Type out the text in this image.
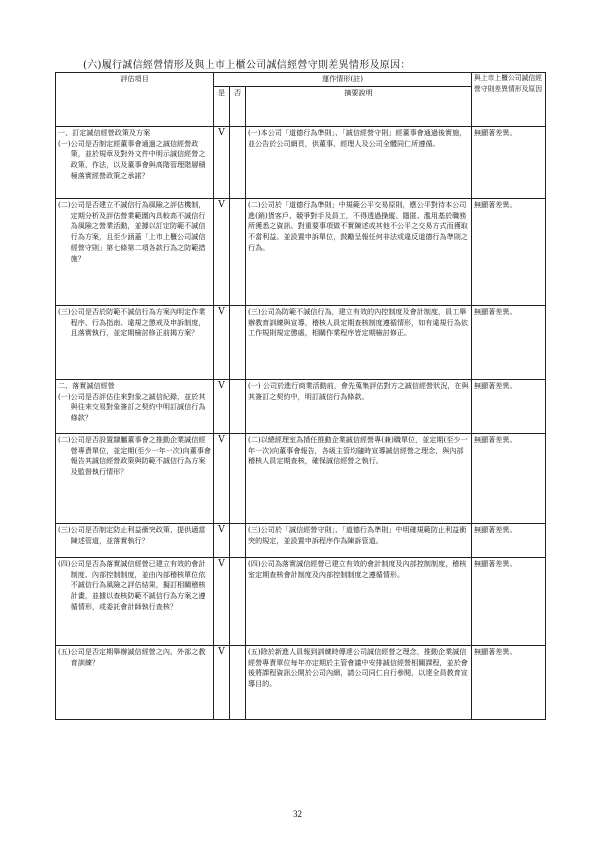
(六)履行誠信經營情形及與上市上櫃公司誠信經營守則差異情形及原因：
評估項目	運作情形(註)			與上市上櫃公司誠信經營守則差異情形及原因
	是	否	摘要說明	

一、訂定誠信經營政策及方案
(一) 公司是否制定經董事會通過之誠信經營政策，並於規章及對外文件中明示誠信經營之政策、作法，以及董事會與高階管理階層積極落實經營政策之承諾？	V		(一)本公司「道德行為準則」、「誠信經營守則」經董事會通過後實施，並公告於公司網頁，供董事、經理人及公司全體同仁所遵循。	無顯著差異。

(二) 公司是否建立不誠信行為風險之評估機制，定期分析及評估營業範圍內具較高不誠信行為風險之營業活動，並據以訂定防範不誠信行為方案，且至少涵蓋「上市上櫃公司誠信經營守則」第七條第二項各款行為之防範措施？	V		(二)公司於「道德行為準則」中規範公平交易原則，應公平對待本公司進(銷)貨客戶、競爭對手及員工，不得透過操縱、隱匿、濫用基於職務所獲悉之資訊、對重要事項做不實陳述或其他不公平之交易方式而獲取不當利益。並設置申訴單位，鼓勵呈報任何非法或違反道德行為準則之行為。	無顯著差異。

(三) 公司是否於防範不誠信行為方案內明定作業程序、行為指南、違規之懲戒及申訴制度，且落實執行，並定期檢討修正前揭方案？	V		(三)公司為防範不誠信行為，建立有效的內控制度及會計制度，員工舉辦教育訓練與宣導，稽核人員定期查核制度遵循情形，如有違規行為依工作規則規定懲處，相關作業程序皆定期檢討修正。	無顯著差異。

二、落實誠信經營
(一) 公司是否評估往來對象之誠信紀錄，並於其與往來交易對象簽訂之契約中明訂誠信行為條款？	V		(一) 公司於進行商業活動前，會先蒐集評估對方之誠信經營狀況，在與其簽訂之契約中，明訂誠信行為條款。	無顯著差異。

(二) 公司是否設置隸屬董事會之推動企業誠信經營專責單位，並定期(至少一年一次)向董事會報告其誠信經營政策與防範不誠信行為方案及監督執行情形？	V		(二)以總經理室為揹任推動企業誠信經營專(兼)職單位，並定期(至少一年一次)向董事會報告，各級主管均隨時宣導誠信經營之理念，與內部稽核人員定期查核，確保誠信經營之執行。	無顯著差異。

(三) 公司是否制定防止利益衝突政策、提供適當陳述管道，並落實執行？	V		(三)公司於「誠信經營守則」、「道德行為準則」中明確規範防止利益衝突的規定，並設置申訴程序作為陳訴管道。	無顯著差異。

(四) 公司是否為落實誠信經營已建立有效的會計制度、內部控制制度，並由內部稽核單位依不誠信行為風險之評估結果，擬訂相關稽核計畫，並據以查核防範不誠信行為方案之遵循情形，或委託會計師執行查核？	V		(四)公司為落實誠信經營已建立有效的會計制度及內部控制制度，稽核室定期查核會計制度及內部控制制度之遵循情形。	無顯著差異。

(五) 公司是否定期舉辦誠信經營之內、外部之教育訓練？	V		(五)除於新進人員報到訓練時傳達公司誠信經營之理念，推動企業誠信經營專責單位每年亦定期於主管會議中安排誠信經營相關課程，並於會後將課程資訊公開於公司內網，請公司同仁自行參閱，以達全員教育宣導目的。	無顯著差異。
32
